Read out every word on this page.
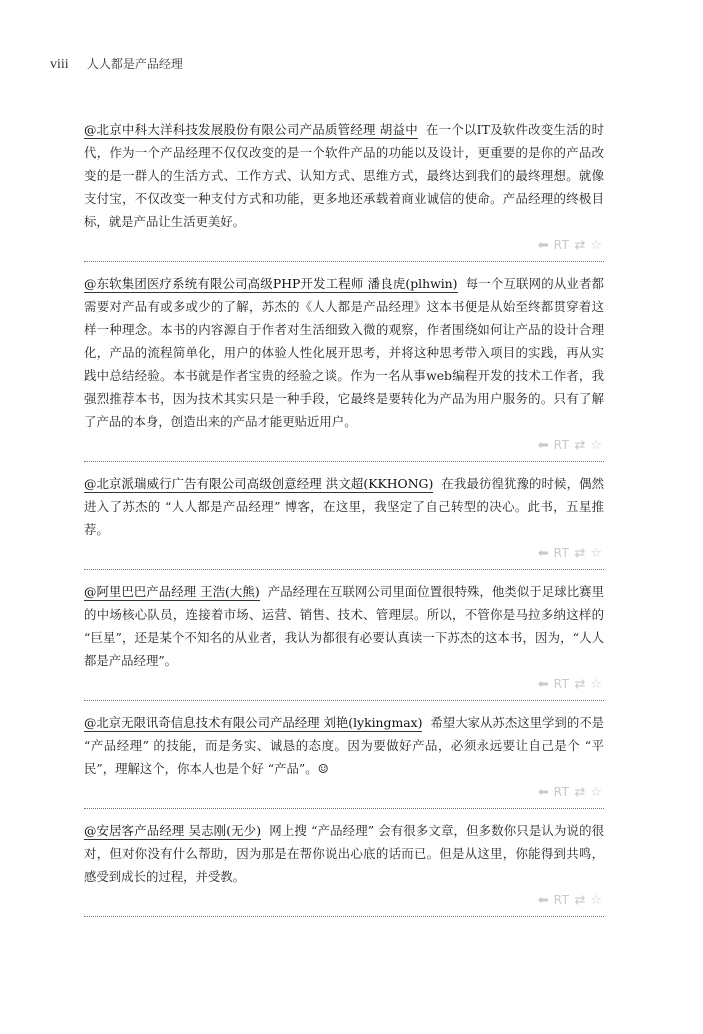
viii 人人都是产品经理

@北京中科大洋科技发展股份有限公司产品质管经理 胡益中 在一个以IT及软件改变生活的时代，作为一个产品经理不仅仅改变的是一个软件产品的功能以及设计，更重要的是你的产品改变的是一群人的生活方式、工作方式、认知方式、思维方式，最终达到我们的最终理想。就像支付宝，不仅改变一种支付方式和功能，更多地还承载着商业诚信的使命。产品经理的终极目标，就是产品让生活更美好。

⬅︎ RT ⇄ ☆

@东软集团医疗系统有限公司高级PHP开发工程师 潘良虎(plhwin) 每一个互联网的从业者都需要对产品有或多或少的了解，苏杰的《人人都是产品经理》这本书便是从始至终都贯穿着这样一种理念。本书的内容源自于作者对生活细致入微的观察，作者围绕如何让产品的设计合理化，产品的流程简单化，用户的体验人性化展开思考，并将这种思考带入项目的实践，再从实践中总结经验。本书就是作者宝贵的经验之谈。作为一名从事web编程开发的技术工作者，我强烈推荐本书，因为技术其实只是一种手段，它最终是要转化为产品为用户服务的。只有了解了产品的本身，创造出来的产品才能更贴近用户。

⬅︎ RT ⇄ ☆

@北京派瑞威行广告有限公司高级创意经理 洪文超(KKHONG) 在我最彷徨犹豫的时候，偶然进入了苏杰的 “人人都是产品经理” 博客，在这里，我坚定了自己转型的决心。此书，五星推荐。

⬅︎ RT ⇄ ☆

@阿里巴巴产品经理 王浩(大熊) 产品经理在互联网公司里面位置很特殊，他类似于足球比赛里的中场核心队员，连接着市场、运营、销售、技术、管理层。所以，不管你是马拉多纳这样的 “巨星”，还是某个不知名的从业者，我认为都很有必要认真读一下苏杰的这本书，因为，“人人都是产品经理”。

⬅︎ RT ⇄ ☆

@北京无限讯奇信息技术有限公司产品经理 刘艳(lykingmax) 希望大家从苏杰这里学到的不是 “产品经理” 的技能，而是务实、诚恳的态度。因为要做好产品，必须永远要让自己是个 “平民”，理解这个，你本人也是个好 “产品”。☺

⬅︎ RT ⇄ ☆

@安居客产品经理 吴志刚(无少) 网上搜 “产品经理” 会有很多文章，但多数你只是认为说的很对，但对你没有什么帮助，因为那是在帮你说出心底的话而已。但是从这里，你能得到共鸣，感受到成长的过程，并受教。

⬅︎ RT ⇄ ☆
